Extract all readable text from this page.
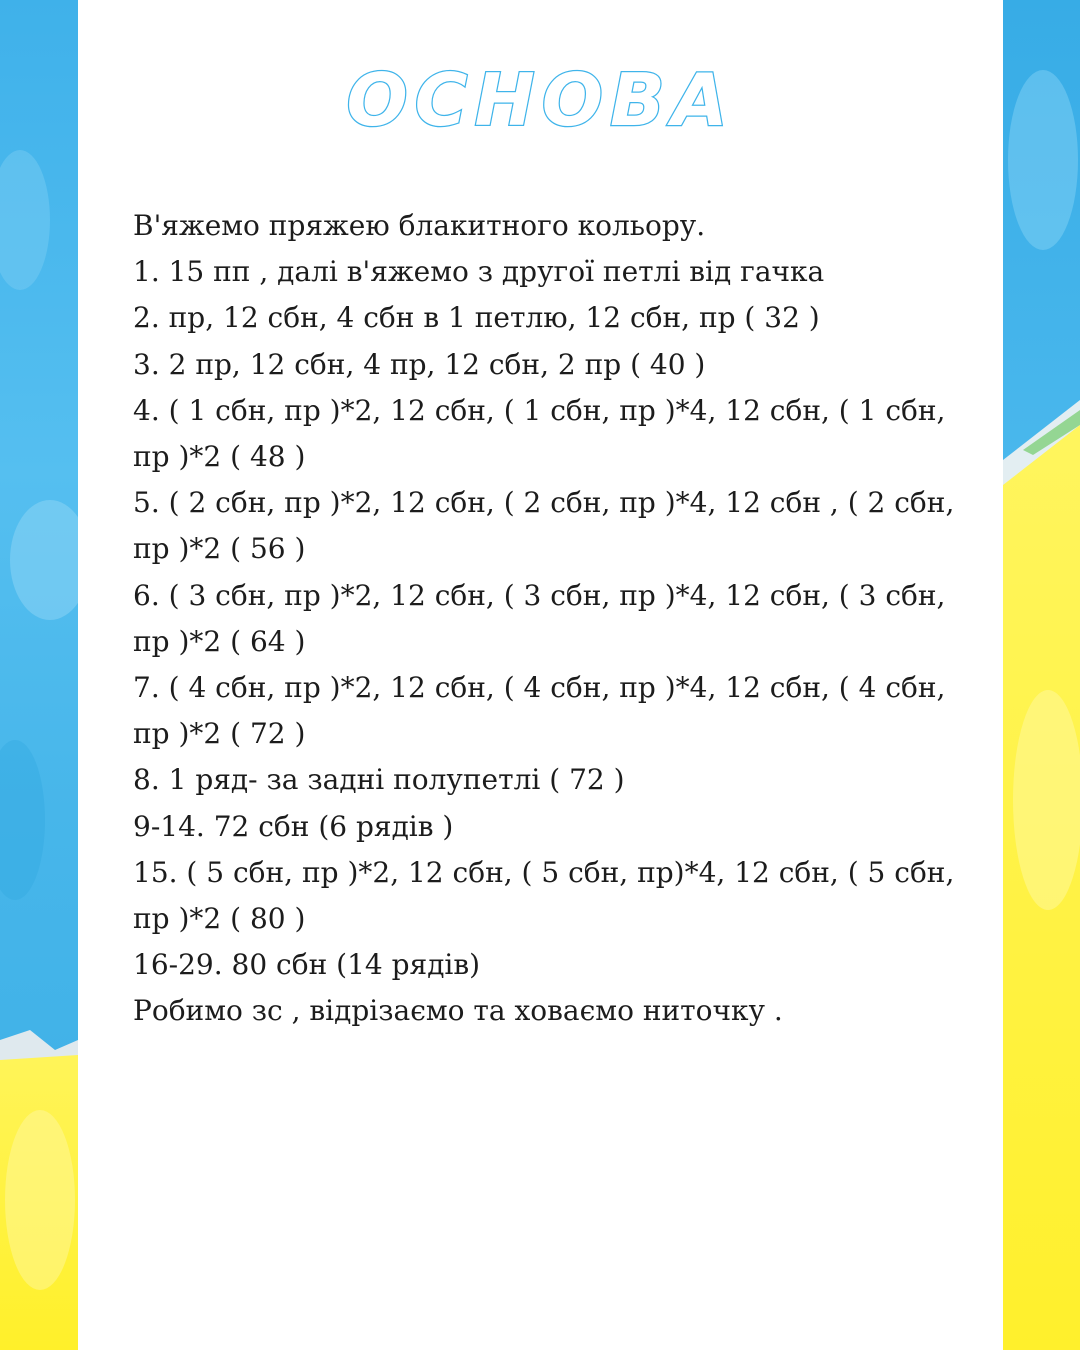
ОСНОВА

В'яжемо пряжею блакитного кольору.

1. 15 пп , далі в'яжемо з другої петлі від гачка

2. пр, 12 сбн, 4 сбн в 1 петлю, 12 сбн, пр ( 32 )

3. 2 пр, 12 сбн, 4 пр, 12 сбн, 2 пр ( 40 )

4. ( 1 сбн, пр )*2, 12 сбн, ( 1 сбн, пр )*4, 12 сбн, ( 1 сбн, пр )*2 ( 48 )

5. ( 2 сбн, пр )*2, 12 сбн, ( 2 сбн, пр )*4, 12 сбн , ( 2 сбн, пр )*2 ( 56 )

6. ( 3 сбн, пр )*2, 12 сбн, ( 3 сбн, пр )*4, 12 сбн, ( 3 сбн, пр )*2 ( 64 )

7. ( 4 сбн, пр )*2, 12 сбн, ( 4 сбн, пр )*4, 12 сбн, ( 4 сбн, пр )*2 ( 72 )

8. 1 ряд- за задні полупетлі ( 72 )

9-14. 72 сбн (6 рядів )

15. ( 5 сбн, пр )*2, 12 сбн, ( 5 сбн, пр)*4, 12 сбн, ( 5 сбн, пр )*2 ( 80 )

16-29. 80 сбн (14 рядів)

Робимо зс , відрізаємо та ховаємо ниточку .
